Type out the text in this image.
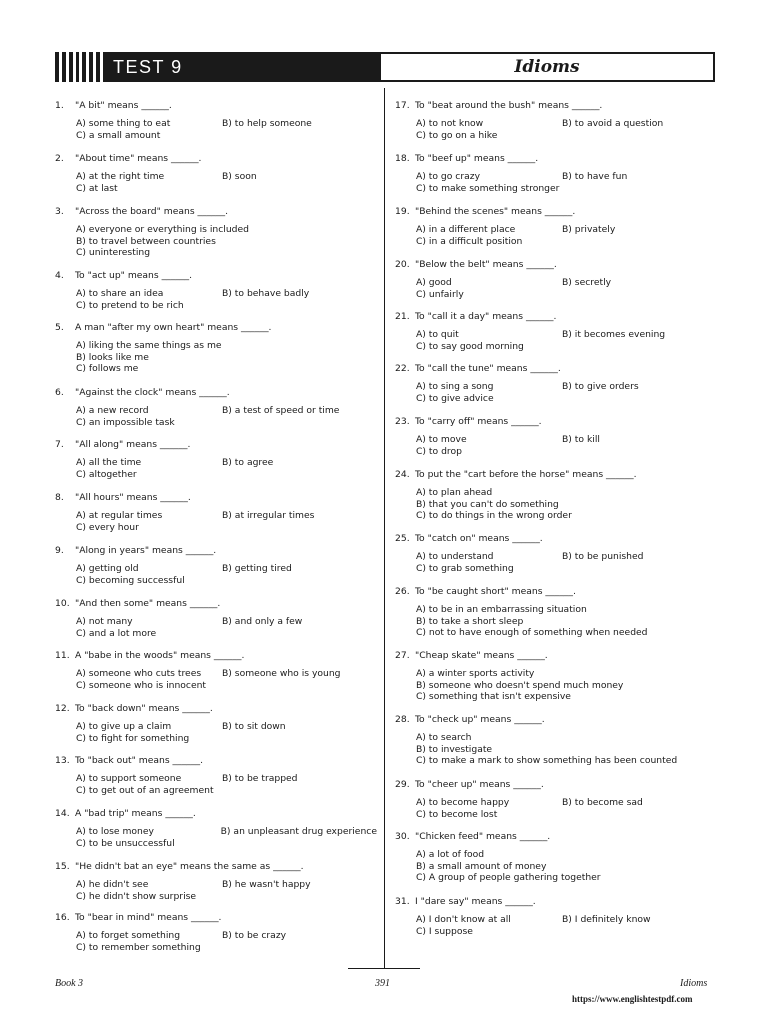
TEST 9	Idioms
1.	"A bit" means ______.
A) some thing to eat	B) to help someone
C) a small amount
2.	"About time" means ______.
A) at the right time	B) soon
C) at last
3.	"Across the board" means ______.
A) everyone or everything is included
B) to travel between countries
C) uninteresting
4.	To "act up" means ______.
A) to share an idea	B) to behave badly
C) to pretend to be rich
5.	A man "after my own heart" means ______.
A) liking the same things as me
B) looks like me
C) follows me
6.	"Against the clock" means ______.
A) a new record	B) a test of speed or time
C) an impossible task
7.	"All along" means ______.
A) all the time	B) to agree
C) altogether
8.	"All hours" means ______.
A) at regular times	B) at irregular times
C) every hour
9.	"Along in years" means ______.
A) getting old	B) getting tired
C) becoming successful
10. "And then some" means ______.
A) not many	B) and only a few
C) and a lot more
11. A "babe in the woods" means ______.
A) someone who cuts trees	B) someone who is young
C) someone who is innocent
12. To "back down" means ______.
A) to give up a claim	B) to sit down
C) to fight for something
13. To "back out" means ______.
A) to support someone	B) to be trapped
C) to get out of an agreement
14. A "bad trip" means ______.
A) to lose money	B) an unpleasant drug experience
C) to be unsuccessful
15. "He didn't bat an eye" means the same as ______.
A) he didn't see	B) he wasn't happy
C) he didn't show surprise
16. To "bear in mind" means ______.
A) to forget something	B) to be crazy
C) to remember something
17. To "beat around the bush" means ______.
A) to not know	B) to avoid a question
C) to go on a hike
18. To "beef up" means ______.
A) to go crazy	B) to have fun
C) to make something stronger
19. "Behind the scenes" means ______.
A) in a different place	B) privately
C) in a difficult position
20. "Below the belt" means ______.
A) good	B) secretly
C) unfairly
21. To "call it a day" means ______.
A) to quit	B) it becomes evening
C) to say good morning
22. To "call the tune" means ______.
A) to sing a song	B) to give orders
C) to give advice
23. To "carry off" means ______.
A) to move	B) to kill
C) to drop
24. To put the "cart before the horse" means ______.
A) to plan ahead
B) that you can't do something
C) to do things in the wrong order
25. To "catch on" means ______.
A) to understand	B) to be punished
C) to grab something
26. To "be caught short" means ______.
A) to be in an embarrassing situation
B) to take a short sleep
C) not to have enough of something when needed
27. "Cheap skate" means ______.
A) a winter sports activity
B) someone who doesn't spend much money
C) something that isn't expensive
28. To "check up" means ______.
A) to search
B) to investigate
C) to make a mark to show something has been counted
29. To "cheer up" means ______.
A) to become happy	B) to become sad
C) to become lost
30. "Chicken feed" means ______.
A) a lot of food
B) a small amount of money
C) A group of people gathering together
31. I "dare say" means ______.
A) I don't know at all	B) I definitely know
C) I suppose
Book 3	391	Idioms
https://www.englishtestpdf.com
